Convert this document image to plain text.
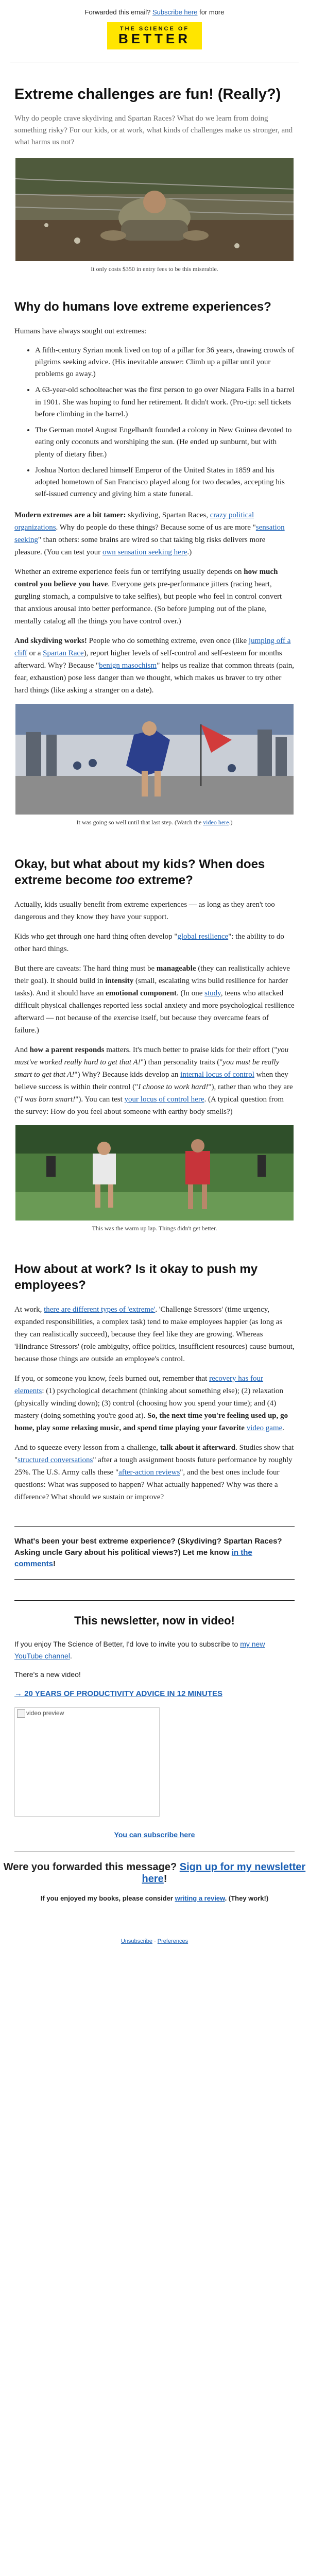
Forwarded this email? Subscribe here for more
THE SCIENCE OF
BETTER
Extreme challenges are fun! (Really?)
Why do people crave skydiving and Spartan Races? What do we learn from doing something risky? For our kids, or at work, what kinds of challenges make us stronger, and what harms us not?
It only costs $350 in entry fees to be this miserable.
Why do humans love extreme experiences?

Humans have always sought out extremes:

• A fifth-century Syrian monk lived on top of a pillar for 36 years, drawing crowds of pilgrims seeking advice. (His inevitable answer: Climb up a pillar until your problems go away.)
• A 63-year-old schoolteacher was the first person to go over Niagara Falls in a barrel in 1901. She was hoping to fund her retirement. It didn't work. (Pro-tip: sell tickets before climbing in the barrel.)
• The German motel August Engelhardt founded a colony in New Guinea devoted to eating only coconuts and worshiping the sun. (He ended up sunburnt, but with plenty of dietary fiber.)
• Joshua Norton declared himself Emperor of the United States in 1859 and his adopted hometown of San Francisco played along for two decades, accepting his self-issued currency and giving him a state funeral.

Modern extremes are a bit tamer: skydiving, Spartan Races, crazy political organizations. Why do people do these things? Because some of us are more "sensation seeking" than others: some brains are wired so that taking big risks delivers more pleasure. (You can test your own sensation seeking here.)

Whether an extreme experience feels fun or terrifying usually depends on how much control you believe you have. Everyone gets pre-performance jitters (racing heart, gurgling stomach, a compulsive to take selfies), but people who feel in control convert that anxious arousal into better performance. (So before jumping out of the plane, mentally catalog all the things you have control over.)

And skydiving works! People who do something extreme, even once (like jumping off a cliff or a Spartan Race), report higher levels of self-control and self-esteem for months afterward. Why? Because "benign masochism" helps us realize that common threats (pain, fear, exhaustion) pose less danger than we thought, which makes us braver to try other hard things (like asking a stranger on a date).

It was going so well until that last step. (Watch the video here.)
Okay, but what about my kids? When does extreme become too extreme?

Actually, kids usually benefit from extreme experiences — as long as they aren't too dangerous and they know they have your support.

Kids who get through one hard thing often develop "global resilience": the ability to do other hard things.

But there are caveats: The hard thing must be manageable (they can realistically achieve their goal). It should build in intensity (small, escalating wins build resilience for harder tasks). And it should have an emotional component. (In one study, teens who attacked difficult physical challenges reported less social anxiety and more psychological resilience afterward — not because of the exercise itself, but because they overcame fears of failure.)

And how a parent responds matters. It's much better to praise kids for their effort ("you must've worked really hard to get that A!") than personality traits ("you must be really smart to get that A!") Why? Because kids develop an internal locus of control when they believe success is within their control ("I choose to work hard!"), rather than who they are ("I was born smart!"). You can test your locus of control here. (A typical question from the survey: How do you feel about someone with earthy body smells?)

This was the warm up lap. Things didn't get better.
How about at work? Is it okay to push my employees?

At work, there are different types of 'extreme'. 'Challenge Stressors' (time urgency, expanded responsibilities, a complex task) tend to make employees happier (as long as they can realistically succeed), because they feel like they are growing. Whereas 'Hindrance Stressors' (role ambiguity, office politics, insufficient resources) cause burnout, because those things are outside an employee's control.

If you, or someone you know, feels burned out, remember that recovery has four elements: (1) psychological detachment (thinking about something else); (2) relaxation (physically winding down); (3) control (choosing how you spend your time); and (4) mastery (doing something you're good at). So, the next time you're feeling used up, go home, play some relaxing music, and spend time playing your favorite video game.

And to squeeze every lesson from a challenge, talk about it afterward. Studies show that "structured conversations" after a tough assignment boosts future performance by roughly 25%. The U.S. Army calls these "after-action reviews", and the best ones include four questions: What was supposed to happen? What actually happened? Why was there a difference? What should we sustain or improve?

What's been your best extreme experience? (Skydiving? Spartan Races? Asking uncle Gary about his political views?) Let me know in the comments!
This newsletter, now in video!

If you enjoy The Science of Better, I'd love to invite you to subscribe to my new YouTube channel.

There's a new video!

→ 20 YEARS OF PRODUCTIVITY ADVICE IN 12 MINUTES

video preview

You can subscribe here

Were you forwarded this message? Sign up for my newsletter here!
If you enjoyed my books, please consider writing a review. (They work!)
Unsubscribe · Preferences
